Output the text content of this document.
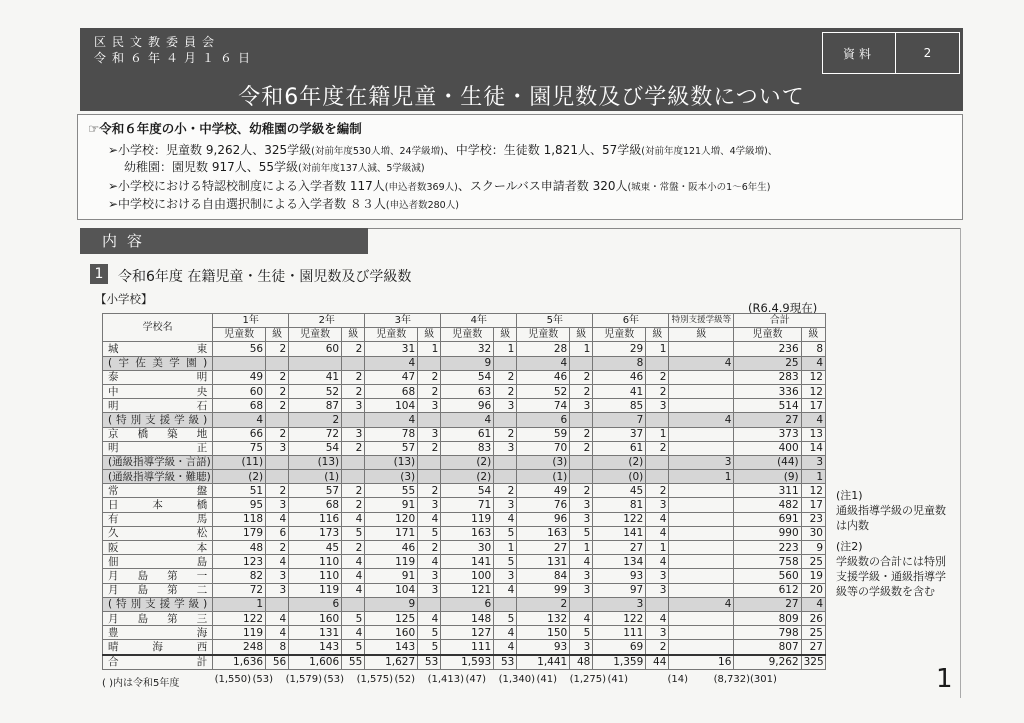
区民文教委員会
令和６年４月１６日	資料	2
令和6年度在籍児童・生徒・園児数及び学級数について
☞令和６年度の小・中学校、幼稚園の学級を編制
➢小学校：児童数 9,262人、325学級(対前年度530人増、24学級増)、中学校：生徒数 1,821人、57学級(対前年度121人増、4学級増)、
幼稚園：園児数 917人、55学級(対前年度137人減、5学級減)
➢小学校における特認校制度による入学者数 117人(申込者数369人)、スクールバス申請者数 320人(城東・常盤・阪本小の1～6年生)
➢中学校における自由選択制による入学者数 ８３人(申込者数280人)
内容
1	令和6年度 在籍児童・生徒・園児数及び学級数
【小学校】
(R6.4.9現在)
学校名	1年		2年		3年		4年		5年		6年		特別支援学級等	合計	
	児童数	級	児童数	級	児童数	級	児童数	級	児童数	級	児童数	級	級	児童数	級
城東	56	2	60	2	31	1	32	1	28	1	29	1		236	8
(宇佐美学園)					4		9		4		8		4	25	4
泰明	49	2	41	2	47	2	54	2	46	2	46	2		283	12
中央	60	2	52	2	68	2	63	2	52	2	41	2		336	12
明石	68	2	87	3	104	3	96	3	74	3	85	3		514	17
(特別支援学級)	4		2		4		4		6		7		4	27	4
京橋築地	66	2	72	3	78	3	61	2	59	2	37	1		373	13
明正	75	3	54	2	57	2	83	3	70	2	61	2		400	14
(通級指導学級・言語)	(11)		(13)		(13)		(2)		(3)		(2)		3	(44)	3
(通級指導学級・難聴)	(2)		(1)		(3)		(2)		(1)		(0)		1	(9)	1
常盤	51	2	57	2	55	2	54	2	49	2	45	2		311	12
日本橋	95	3	68	2	91	3	71	3	76	3	81	3		482	17
有馬	118	4	116	4	120	4	119	4	96	3	122	4		691	23
久松	179	6	173	5	171	5	163	5	163	5	141	4		990	30
阪本	48	2	45	2	46	2	30	1	27	1	27	1		223	9
佃島	123	4	110	4	119	4	141	5	131	4	134	4		758	25
月島第一	82	3	110	4	91	3	100	3	84	3	93	3		560	19
月島第二	72	3	119	4	104	3	121	4	99	3	97	3		612	20
(特別支援学級)	1		6		9		6		2		3		4	27	4
月島第三	122	4	160	5	125	4	148	5	132	4	122	4		809	26
豊海	119	4	131	4	160	5	127	4	150	5	111	3		798	25
晴海西	248	8	143	5	143	5	111	4	93	3	69	2		807	27
合計	1,636	56	1,606	55	1,627	53	1,593	53	1,441	48	1,359	44	16	9,262	325
( )内は令和5年度	(1,550) (53)	(1,579) (53)	(1,575) (52)	(1,413) (47)	(1,340) (41)	(1,275) (41)	(14)	(8,732) (301)
(注1)
通級指導学級の児童数は内数
(注2)
学級数の合計には特別支援学級・通級指導学級等の学級数を含む
1
